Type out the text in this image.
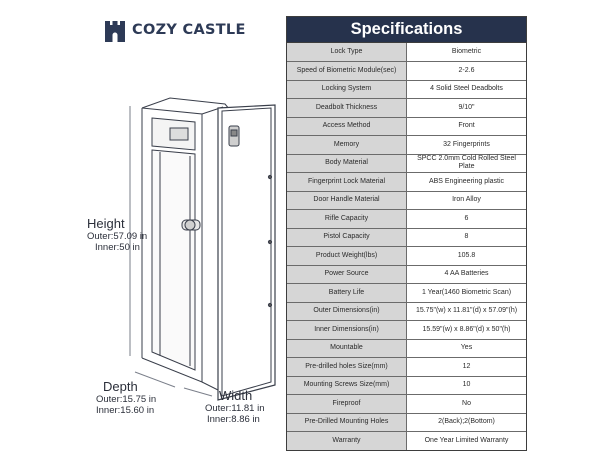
COZY CASTLE
Height
Outer:57.09 in
Inner:50 in
Depth
Outer:15.75 in
Inner:15.60 in
Width
Outer:11.81 in
Inner:8.86 in
Specifications
Lock Type	Biometric
Speed of Biometric Module(sec)	2-2.6
Locking System	4 Solid Steel Deadbolts
Deadbolt Thickness	9/10"
Access Method	Front
Memory	32 Fingerprints
Body Material	SPCC 2.0mm Cold Rolled Steel Plate
Fingerprint Lock Material	ABS Engineering plastic
Door Handle Material	Iron Alloy
Rifle Capacity	6
Pistol Capacity	8
Product Weight(lbs)	105.8
Power Source	4 AA Batteries
Battery Life	1 Year(1460 Biometric Scan)
Outer Dimensions(in)	15.75"(w) x 11.81"(d) x 57.09"(h)
Inner Dimensions(in)	15.59"(w) x 8.86"(d) x 50"(h)
Mountable	Yes
Pre-drilled holes Size(mm)	12
Mounting Screws Size(mm)	10
Fireproof	No
Pre-Drilled Mounting Holes	2(Back);2(Bottom)
Warranty	One Year Limited Warranty
